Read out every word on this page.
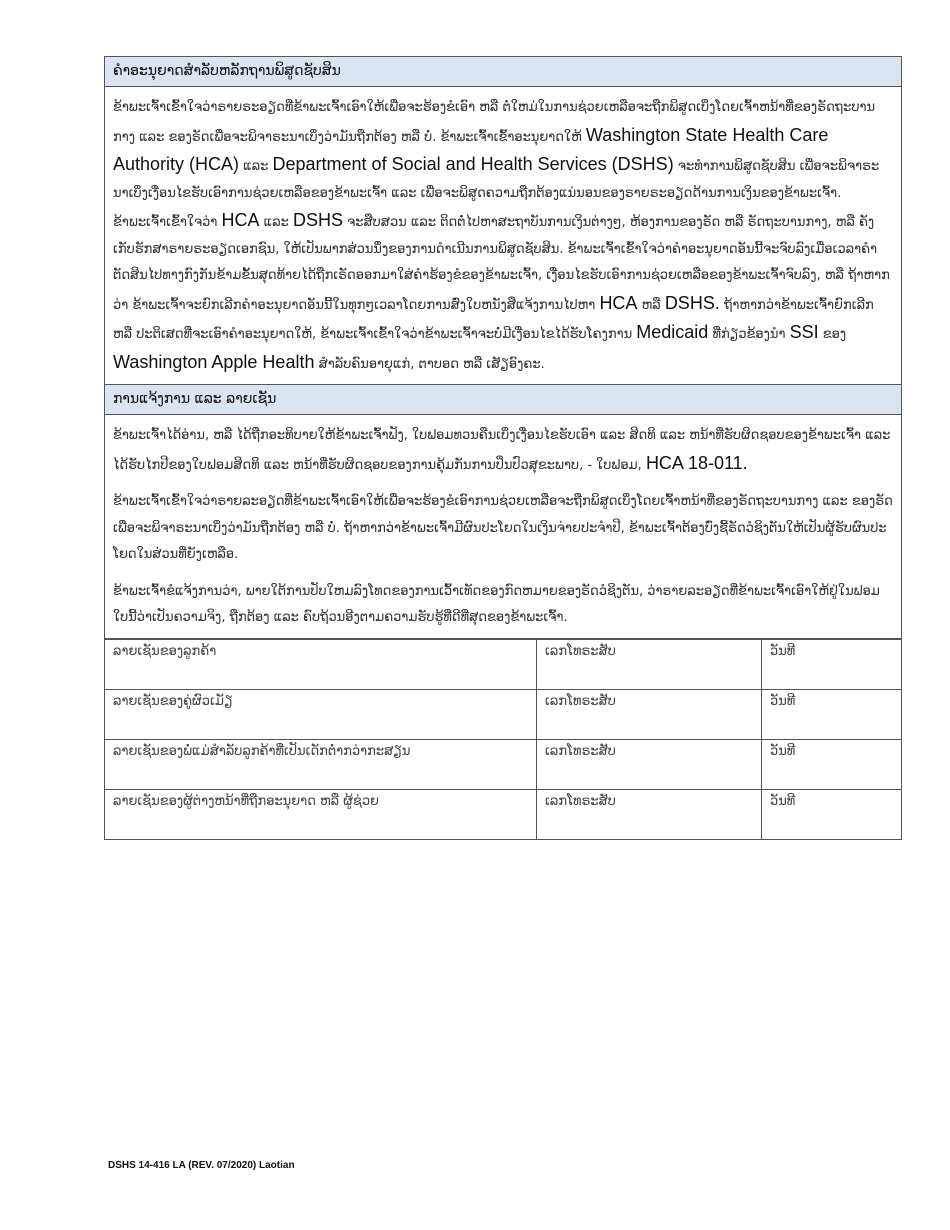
ຄຳອະນຸຍາດສຳລັບຫລັກຖານພິສູດຊັບສິນ

ຂ້າພະເຈົ້າເຂົ້າໃຈວ່າຣາຍຣະອຽດທີ່ຂ້າພະເຈົ້າເອົາໃຫ້ເພື່ອຈະຮ້ອງຂໍເອົາ ຫລື ຕໍ່ໃຫມ່ໃນການຊ່ວຍເຫລືອຈະຖືກພິສູດເບິ່ງໂດຍເຈົ້າຫນ້າທີ່ຂອງຣັດຖະບານກາງ ແລະ ຂອງຣັດເພື່ອຈະພິຈາຣະນາເບິ່ງວ່າມັນຖືກຕ້ອງ ຫລື ບໍ່. ຂ້າພະເຈົ້າເຂົ້າອະນຸຍາດໃຫ້ Washington State Health Care Authority (HCA) ແລະ Department of Social and Health Services (DSHS) ຈະທຳການພິສູດຊັບສິນ ເພື່ອຈະພິຈາຣະນາເບິ່ງເງື່ອນໄຂຮັບເອົາການຊ່ວຍເຫລືອຂອງຂ້າພະເຈົ້າ ແລະ ເພື່ອຈະພິສູດຄວາມຖືກຕ້ອງແນ່ນອນຂອງຣາຍຣະອຽດດ້ານການເງິນຂອງຂ້າພະເຈົ້າ. ຂ້າພະເຈົ້າເຂົ້າໃຈວ່າ HCA ແລະ DSHS ຈະສືບສວນ ແລະ ຕິດຕໍ່ໄປຫາສະຖາບັນການເງິນຕ່າງໆ, ຫ້ອງການຂອງຣັດ ຫລື ຣັດຖະບານກາງ, ຫລື ຄັງເກັບຮັກສາຣາຍຣະອຽດເອກຊົນ, ໃຫ້ເປັນພາກສ່ວນນຶ່ງຂອງການດຳເນີນການພິສູດຊັບສິນ. ຂ້າພະເຈົ້າເຂົ້າໃຈວ່າຄຳອະນຸຍາດອັນນີ້ຈະຈົບລົງເມື່ອເວລາຄຳຕັດສິນໄປທາງກົງກັນຂ້າມຂັ້ນສຸດທ້າຍໄດ້ຖືກເຣັດອອກມາໃສ່ຄຳຮ້ອງຂໍຂອງຂ້າພະເຈົ້າ, ເງື່ອນໄຂຮັບເອົາການຊ່ວຍເຫລືອຂອງຂ້າພະເຈົ້າຈົບລົງ, ຫລື ຖ້າຫາກວ່າ ຂ້າພະເຈົ້າຈະຍົກເລີກຄຳອະນຸຍາດອັນນີ້ໃນທຸກໆເວລາໂດຍການສົ່ງໃບຫນັງສືແຈ້ງການໄປຫາ HCA ຫລື DSHS. ຖ້າຫາກວ່າຂ້າພະເຈົ້າຍົກເລີກ ຫລື ປະຕິເສດທີ່ຈະເອົາຄຳອະນຸຍາດໃຫ້, ຂ້າພະເຈົ້າເຂົ້າໃຈວ່າຂ້າພະເຈົ້າຈະບໍ່ມີເງື່ອນໄຂໄດ້ຮັບໂຄງການ Medicaid ທີ່ກ່ຽວຂ້ອງນຳ SSI ຂອງ Washington Apple Health ສຳລັບຄົນອາຍຸແກ່, ຕາບອດ ຫລື ເສັຽອົງຄະ.

ການແຈ້ງການ ແລະ ລາຍເຊັນ

ຂ້າພະເຈົ້າໄດ້ອ່ານ, ຫລື ໄດ້ຖືກອະທິບາຍໃຫ້ຂ້າພະເຈົ້າຟັງ, ໃບຟອມທວນຄືນເບິ່ງເງື່ອນໄຂຮັບເອົາ ແລະ ສິດທິ ແລະ ຫນ້າທີ່ຮັບຜິດຊອບຂອງຂ້າພະເຈົ້າ ແລະ ໄດ້ຮັບໄກປີຂອງໃບຟອມສິດທິ ແລະ ຫນ້າທີ່ຮັບຜິດຊອບຂອງການຄຸ້ມກັນການປິ່ນປົວສຸຂະພາບ, - ໃບຟອມ, HCA 18-011.

ຂ້າພະເຈົ້າເຂົ້າໃຈວ່າຣາຍລະອຽດທີ່ຂ້າພະເຈົ້າເອົາໃຫ້ເພື່ອຈະຮ້ອງຂໍເອົາການຊ່ວຍເຫລືອຈະຖືກພິສູດເບິ່ງໂດຍເຈົ້າຫນ້າທີ່ຂອງຣັດຖະບານກາງ ແລະ ຂອງຣັດເພື່ອຈະພິຈາຣະນາເບິ່ງວ່າມັນຖືກຕ້ອງ ຫລື ບໍ່. ຖ້າຫາກວ່າຂ້າພະເຈົ້າມີຜົນປະໂຍດໃນເງິນຈ່າຍປະຈຳປີ, ຂ້າພະເຈົ້າຕ້ອງບົ່ງຊີ້ຣັດວໍຊິງຕັນໃຫ້ເປັນຜູ້ຮັບຜົນປະໂຍດໃນສ່ວນທີ່ຍັງເຫລືອ.

ຂ້າພະເຈົ້າຂໍແຈ້ງການວ່າ, ພາຍໃຕ້ການປັບໃຫມລົງໂທດຂອງການເວົ້າເທັດຂອງກົດຫມາຍຂອງຣັດວໍຊິງຕັນ, ວ່າຣາຍລະອຽດທີ່ຂ້າພະເຈົ້າເອົາໃຫ້ຢູ່ໃນຟອມໃບນີ້ວ່າເປັນຄວາມຈິງ, ຖືກຕ້ອງ ແລະ ຄົບຖ້ວນອີງຕາມຄວາມຮັບຮູ້ທີ່ດີທີ່ສຸດຂອງຂ້າພະເຈົ້າ.

ລາຍເຊັນຂອງລູກຄ້າ	ເລກໂທຣະສັບ	ວັນທີ
ລາຍເຊັນຂອງຄູ່ຜົວເມັຽ	ເລກໂທຣະສັບ	ວັນທີ
ລາຍເຊັນຂອງພໍ່ແມ່ສຳລັບລູກຄ້າທີ່ເປັນເດັກຕ່ຳກວ່າກະສຽນ	ເລກໂທຣະສັບ	ວັນທີ
ລາຍເຊັນຂອງຜູ້ຕ່າງຫນ້າທີ່ຖືກອະນຸຍາດ ຫລື ຜູ້ຊ່ວຍ	ເລກໂທຣະສັບ	ວັນທີ
DSHS 14-416 LA (REV. 07/2020) Laotian
